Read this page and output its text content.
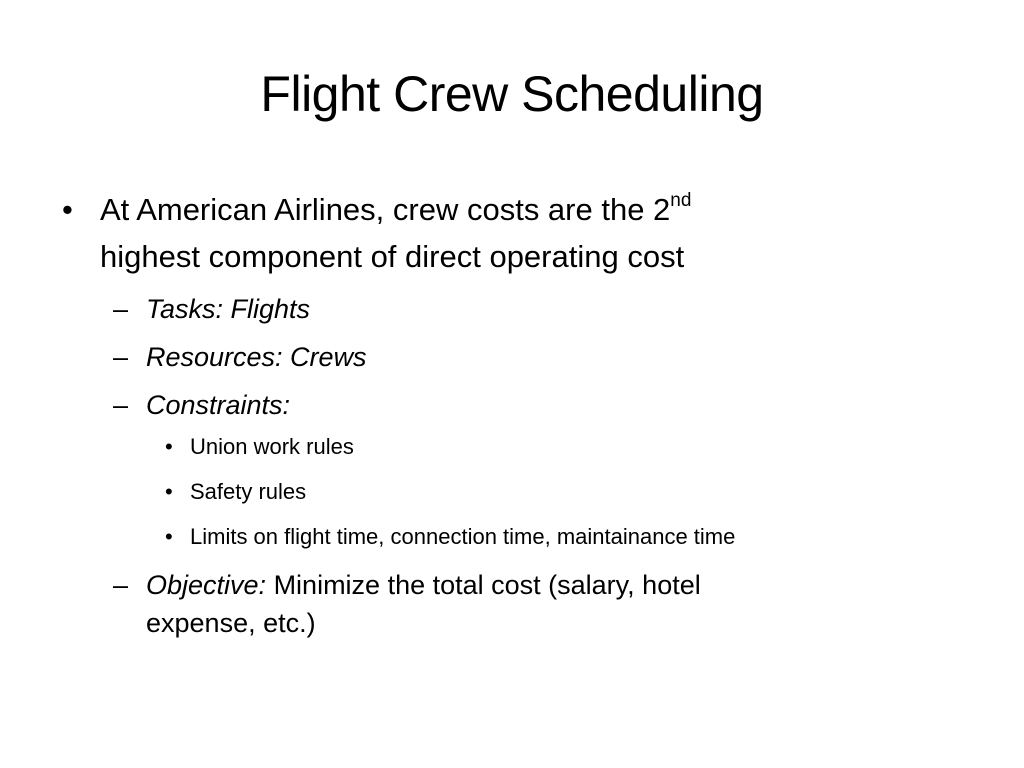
Flight Crew Scheduling
• At American Airlines, crew costs are the 2nd
highest component of direct operating cost
– Tasks: Flights
– Resources: Crews
– Constraints:
• Union work rules
• Safety rules
• Limits on flight time, connection time, maintainance time
– Objective: Minimize the total cost (salary, hotel
expense, etc.)
